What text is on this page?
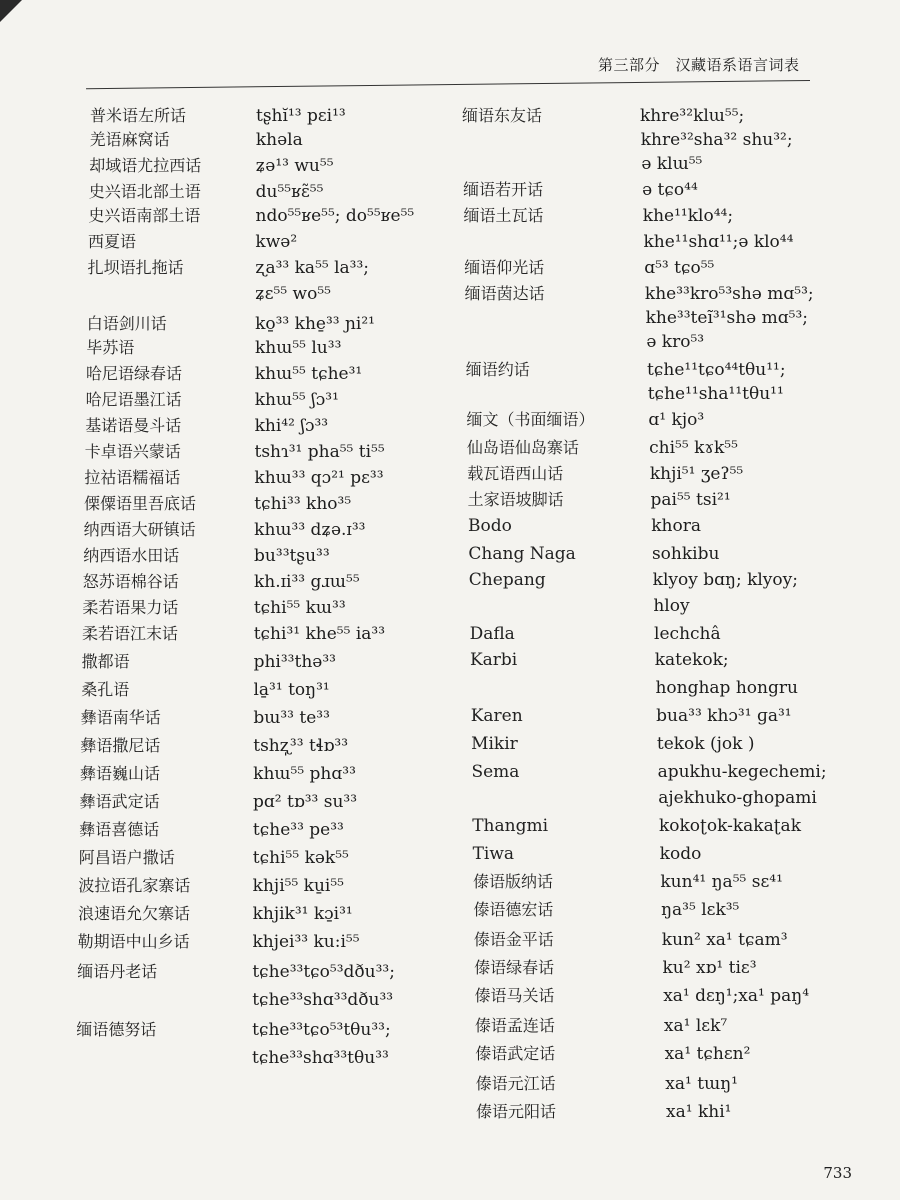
第三部分　汉藏语系语言词表
普米语左所话	tʂhĭ¹³ pɛi¹³
羌语麻窝话	khəla
却域语尤拉西话	ʑə¹³ wu⁵⁵
史兴语北部土语	du⁵⁵ʁɛ̃⁵⁵
史兴语南部土语	ndo⁵⁵ʁe⁵⁵; do⁵⁵ʁe⁵⁵
西夏语	kwə²
扎坝语扎拖话	ʐa³³ ka⁵⁵ la³³;
ʑɛ⁵⁵ wo⁵⁵
白语剑川话	ko̱³³ khe̱³³ ɲi²¹
毕苏语	khɯ⁵⁵ lu³³
哈尼语绿春话	khɯ⁵⁵ tɕhe³¹
哈尼语墨江话	khɯ⁵⁵ ʃɔ³¹
基诺语曼斗话	khi⁴² ʃɔ³³
卡卓语兴蒙话	tshɿ³¹ pha⁵⁵ ti⁵⁵
拉祜语糯福话	khɯ³³ qɔ²¹ pɛ³³
傈僳语里吾底话	tɕhi³³ kho³⁵
纳西语大研镇话	khɯ³³ dʑə.ɪ³³
纳西语水田话	bu³³tʂu³³
怒苏语棉谷话	kh.ɪi³³ gɹɯ⁵⁵
柔若语果力话	tɕhi⁵⁵ kɯ³³
柔若语江末话	tɕhi³¹ khe⁵⁵ ia³³
撒都语	phi³³thə³³
桑孔语	la̱³¹ toŋ³¹
彝语南华话	bɯ³³ te³³
彝语撒尼话	tshʐ̩³³ tɬɒ³³
彝语巍山话	khɯ⁵⁵ phɑ³³
彝语武定话	pɑ² tɒ³³ su³³
彝语喜德话	tɕhe³³ pe³³
阿昌语户撒话	tɕhi⁵⁵ kək⁵⁵
波拉语孔家寨话	khji⁵⁵ ku̱i⁵⁵
浪速语允欠寨话	khjik³¹ kɔ̱i³¹
勒期语中山乡话	khjei³³ ku:i⁵⁵
缅语丹老话	tɕhe³³tɕo⁵³dðu³³;
tɕhe³³shɑ³³dðu³³
缅语德努话	tɕhe³³tɕo⁵³tθu³³;
tɕhe³³shɑ³³tθu³³
缅语东友话	khre³²klɯ⁵⁵;
khre³²sha³² shu³²;
ə klɯ⁵⁵
缅语若开话	ə tɕo⁴⁴
缅语土瓦话	khe¹¹klo⁴⁴;
khe¹¹shɑ¹¹;ə klo⁴⁴
缅语仰光话	ɑ⁵³ tɕo⁵⁵
缅语茵达话	khe³³kro⁵³shə mɑ⁵³;
khe³³teĩ³¹shə mɑ⁵³;
ə kro⁵³
缅语约话	tɕhe¹¹tɕo⁴⁴tθu¹¹;
tɕhe¹¹sha¹¹tθu¹¹
缅文（书面缅语）	ɑ¹ kjo³
仙岛语仙岛寨话	chi⁵⁵ kɤk⁵⁵
载瓦语西山话	khji⁵¹ ʒeʔ⁵⁵
土家语坡脚话	pai⁵⁵ tsi²¹
Bodo	khora
Chang Naga	sohkibu
Chepang	klyoy bɑŋ; klyoy;
hloy
Dafla	lechchâ
Karbi	katekok;
honghap hongru
Karen	bua³³ khɔ³¹ ɡa³¹
Mikir	tekok (jok )
Sema	apukhu-kegechemi;
ajekhuko-ghopami
Thangmi	kokoʈok-kakaʈak
Tiwa	kodo
傣语版纳话	kun⁴¹ ŋa⁵⁵ sɛ⁴¹
傣语德宏话	ŋa³⁵ lɛk³⁵
傣语金平话	kun² xa¹ tɕam³
傣语绿春话	ku² xɒ¹ tiɛ³
傣语马关话	xa¹ dɛŋ¹;xa¹ paŋ⁴
傣语孟连话	xa¹ lɛk⁷
傣语武定话	xa¹ tɕhɛn²
傣语元江话	xa¹ tɯŋ¹
傣语元阳话	xa¹ khi¹
733
